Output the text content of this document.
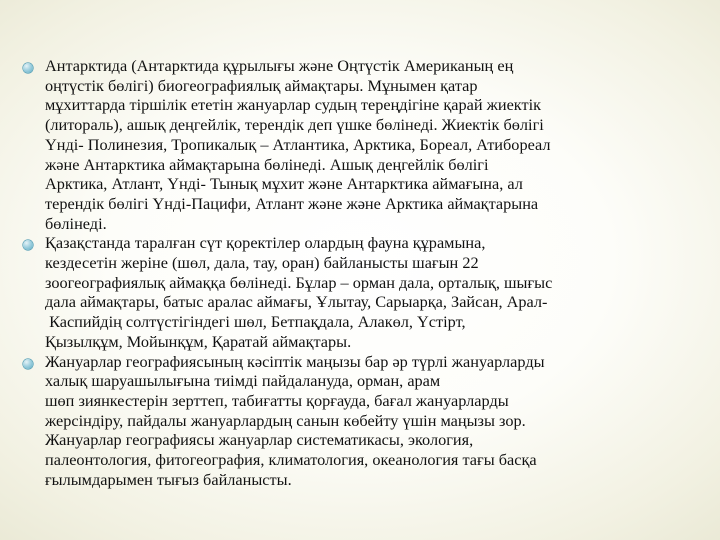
Антарктида (Антарктида құрылығы және Оңтүстік Американың ең
оңтүстік бөлігі) биогеографиялық аймақтары. Мұнымен қатар
мұхиттарда тіршілік ететін жануарлар судың тереңдігіне қарай жиектік
(литораль), ашық деңгейлік, терендік деп үшке бөлінеді. Жиектік бөлігі
Үнді- Полинезия, Тропикалық – Атлантика, Арктика, Бореал, Атибореал
және Антарктика аймақтарына бөлінеді. Ашық деңгейлік бөлігі
Арктика, Атлант, Үнді- Тынық мұхит және Антарктика аймағына, ал
терендік бөлігі Үнді-Пацифи, Атлант және және Арктика аймақтарына
бөлінеді.
Қазақстанда таралған сүт қоректілер олардың фауна құрамына,
кездесетін жеріне (шөл, дала, тау, оран) байланысты шағын 22
зоогеографиялық аймаққа бөлінеді. Бұлар – орман дала, орталық, шығыс
дала аймақтары, батыс аралас аймағы, Ұлытау, Сарыарқа, Зайсан, Арал-
Каспийдің солтүстігіндегі шөл, Бетпақдала, Алакөл, Үстірт,
Қызылқұм, Мойынқұм, Қаратай аймақтары.
Жануарлар географиясының кәсіптік маңызы бар әр түрлі жануарларды
халық шаруашылығына тиімді пайдалануда, орман, арам
шөп зиянкестерін зерттеп, табиғатты қорғауда, бағал жануарларды
жерсіндіру, пайдалы жануарлардың санын көбейту үшін маңызы зор.
Жануарлар географиясы жануарлар систематикасы, экология,
палеонтология, фитогеография, климатология, океанология тағы басқа
ғылымдарымен тығыз байланысты.
